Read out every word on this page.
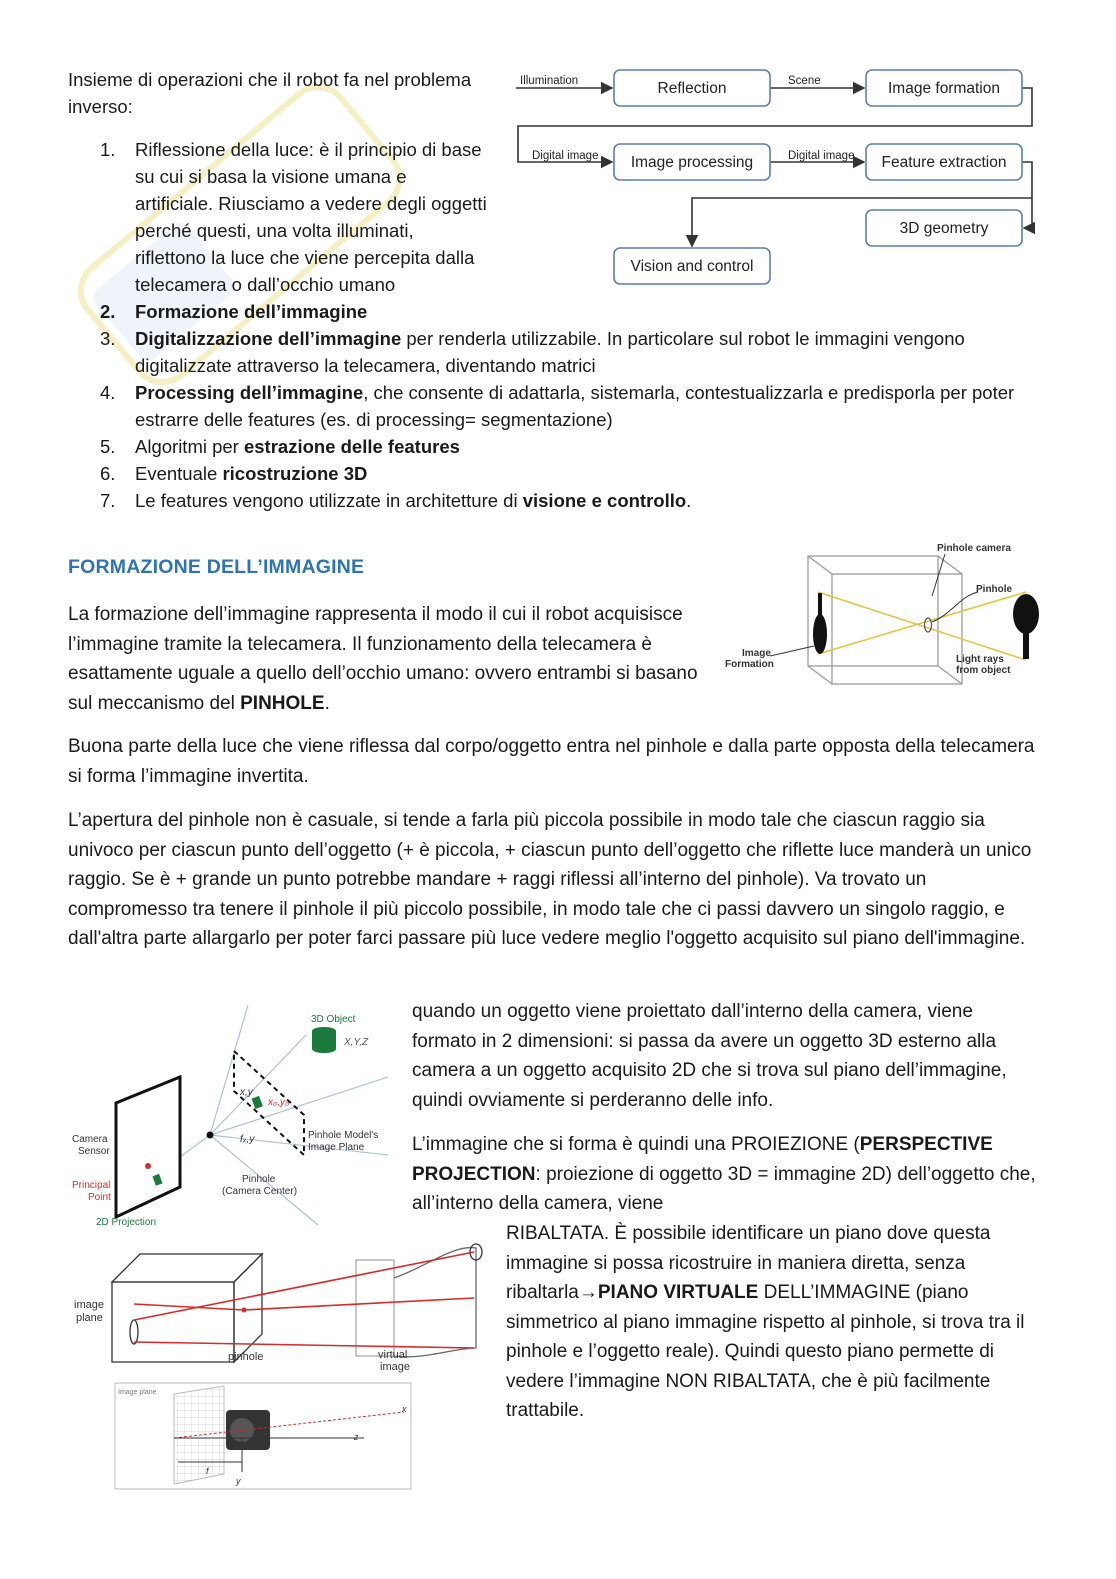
Insieme di operazioni che il robot fa nel problema inverso:

1. Riflessione della luce: è il principio di base su cui si basa la visione umana e artificiale. Riusciamo a vedere degli oggetti perché questi, una volta illuminati, riflettono la luce che viene percepita dalla telecamera o dall’occhio umano
2. Formazione dell’immagine
3. Digitalizzazione dell’immagine per renderla utilizzabile. In particolare sul robot le immagini vengono digitalizzate attraverso la telecamera, diventando matrici
4. Processing dell’immagine, che consente di adattarla, sistemarla, contestualizzarla e predisporla per poter estrarre delle features (es. di processing= segmentazione)
5. Algoritmi per estrazione delle features
6. Eventuale ricostruzione 3D
7. Le features vengono utilizzate in architetture di visione e controllo.
Reflection	Image formation
Image processing	Feature extraction
3D geometry
Vision and control
Illumination	Scene
Digital image	Digital image
FORMAZIONE DELL’IMMAGINE

La formazione dell’immagine rappresenta il modo il cui il robot acquisisce l’immagine tramite la telecamera. Il funzionamento della telecamera è esattamente uguale a quello dell’occhio umano: ovvero entrambi si basano sul meccanismo del PINHOLE.

Pinhole camera
Pinhole
Image
Formation	Light rays
from object

Buona parte della luce che viene riflessa dal corpo/oggetto entra nel pinhole e dalla parte opposta della telecamera si forma l’immagine invertita.

L’apertura del pinhole non è casuale, si tende a farla più piccola possibile in modo tale che ciascun raggio sia univoco per ciascun punto dell’oggetto (+ è piccola, + ciascun punto dell’oggetto che riflette luce manderà un unico raggio. Se è + grande un punto potrebbe mandare + raggi riflessi all’interno del pinhole). Va trovato un compromesso tra tenere il pinhole il più piccolo possibile, in modo tale che ci passi davvero un singolo raggio, e dall'altra parte allargarlo per poter farci passare più luce vedere meglio l'oggetto acquisito sul piano dell'immagine.

3D Object
X,Y,Z
x,y
x₀,y₀
fₓ,y
Camera
Sensor
Principal
Point
2D Projection
Pinhole
(Camera Center)
Pinhole Model's
Image Plane
image
plane
pinhole	virtual
image
Image plane
f
y
x
z

quando un oggetto viene proiettato dall’interno della camera, viene formato in 2 dimensioni: si passa da avere un oggetto 3D esterno alla camera a un oggetto acquisito 2D che si trova sul piano dell’immagine, quindi ovviamente si perderanno delle info.

L’immagine che si forma è quindi una PROIEZIONE (PERSPECTIVE PROJECTION: proiezione di oggetto 3D = immagine 2D) dell’oggetto che, all’interno della camera, viene

RIBALTATA. È possibile identificare un piano dove questa immagine si possa ricostruire in maniera diretta, senza ribaltarla→PIANO VIRTUALE DELL’IMMAGINE (piano simmetrico al piano immagine rispetto al pinhole, si trova tra il pinhole e l’oggetto reale). Quindi questo piano permette di vedere l’immagine NON RIBALTATA, che è più facilmente trattabile.
